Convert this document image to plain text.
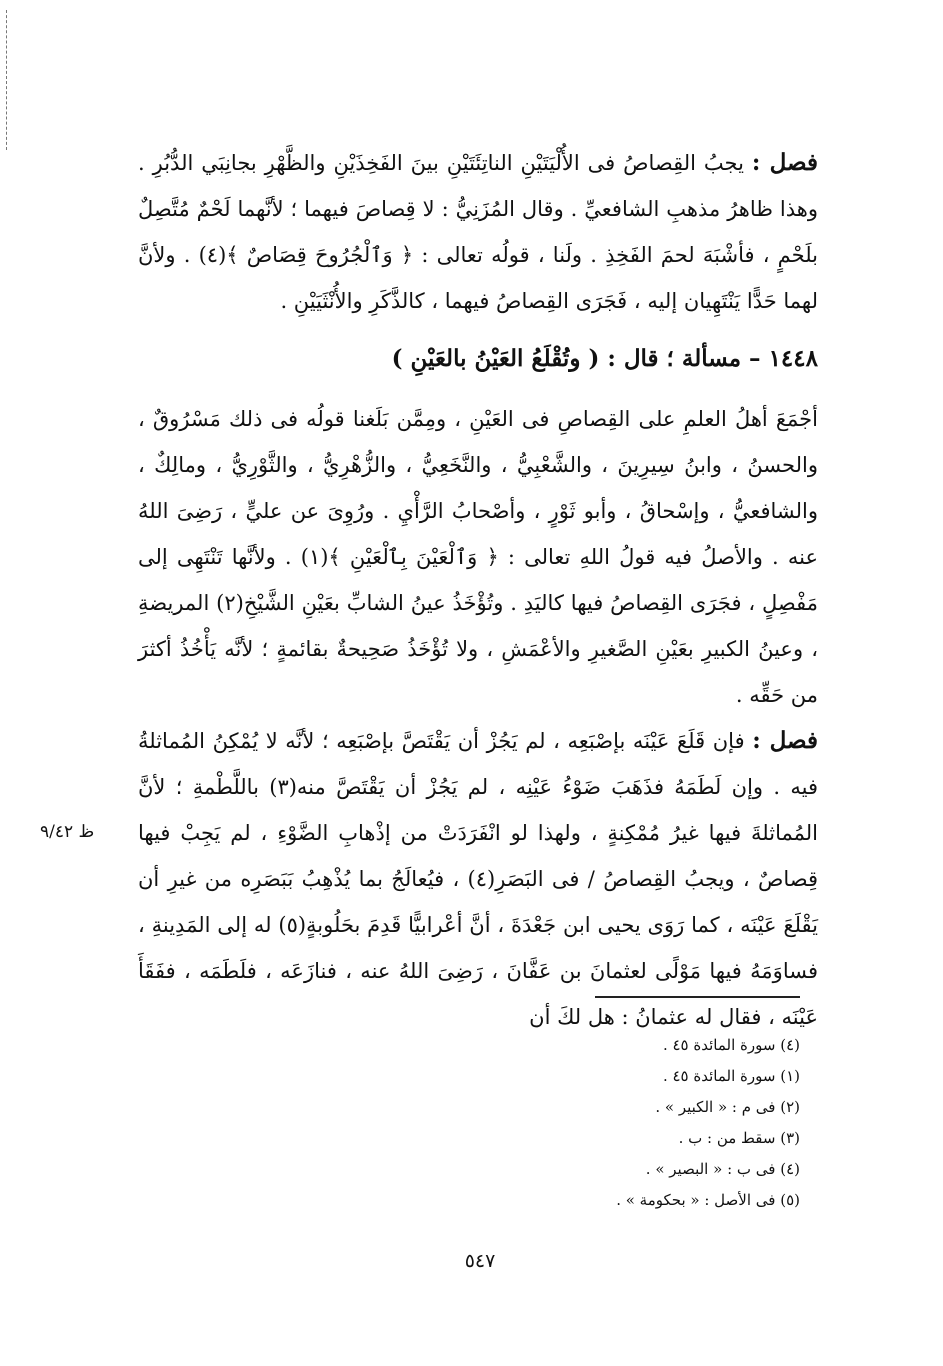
فصل : يجبُ القِصاصُ فى الأُلْيَتَيْنِ الناتِئَتَيْنِ بينَ الفَخِذَيْنِ والظَّهْرِ بجانِبَي الدُّبُرِ . وهذا ظاهرُ مذهبِ الشافعيِّ . وقال المُزَنِيُّ : لا قِصاصَ فيهما ؛ لأنَّهما لَحْمٌ مُتَّصِلٌ بلَحْمٍ ، فأشْبَهَ لحمَ الفَخِذِ . ولَنا ، قولُه تعالى : ﴿ وَٱلْجُرُوحَ قِصَاصٌ ﴾(٤) . ولأنَّ لهما حَدًّا يَنْتَهِيان إليه ، فَجَرَى القِصاصُ فيهما ، كالذَّكَرِ والأُنْثَيَيْنِ .

١٤٤٨ – مسألة ؛ قال : ( وتُقْلَعُ العَيْنُ بالعَيْنِ )

أجْمَعَ أهلُ العلمِ على القِصاصِ فى العَيْنِ ، ومِمَّن بَلَغنا قولُه فى ذلك مَسْرُوقٌ ، والحسنُ ، وابنُ سِيرِينَ ، والشَّعْبِيُّ ، والنَّخَعِيُّ ، والزُّهْرِيُّ ، والثَّوْرِيُّ ، ومالِكٌ ، والشافعيُّ ، وإسْحاقُ ، وأبو ثَوْرٍ ، وأصْحابُ الرَّأْيِ . ورُوِىَ عن عليٍّ ، رَضِىَ اللهُ عنه . والأصلُ فيه قولُ اللهِ تعالى : ﴿ وَٱلْعَيْنَ بِٱلْعَيْنِ ﴾(١) . ولأنَّها تَنْتَهِى إلى مَفْصِلٍ ، فجَرَى القِصاصُ فيها كاليَدِ . وتُؤْخَذُ عينُ الشابِّ بعَيْنِ الشَّيْخِ(٢) المريضةِ ، وعينُ الكبيرِ بعَيْنِ الصَّغيرِ والأعْمَشِ ، ولا تُؤْخَذُ صَحِيحةٌ بقائمةٍ ؛ لأنَّه يَأْخُذُ أكثرَ من حَقِّه .

فصل : فإن قَلَعَ عَيْنَه بإصْبَعِه ، لم يَجُزْ أن يَقْتَصَّ بإصْبَعِه ؛ لأنَّه لا يُمْكِنُ المُماثلةُ فيه . وإن لَطَمَهُ فذَهَبَ ضَوْءُ عَيْنِه ، لم يَجُزْ أن يَقْتَصَّ منه(٣) باللَّطْمةِ ؛ لأنَّ المُماثلةَ فيها غيرُ مُمْكِنةٍ ، ولهذا لو انْفَرَدَتْ من إذْهابِ الضَّوْءِ ، لم يَجِبْ فيها قِصاصٌ ، ويجبُ القِصاصُ / فى البَصَرِ(٤) ، فيُعالَجُ بما يُذْهِبُ بَبَصَرِه من غيرِ أن يَقْلَعَ عَيْنَه ، كما رَوَى يحيى ابن جَعْدَةَ ، أنَّ أعْرابيًّا قَدِمَ بحَلُوبةٍ(٥) له إلى المَدِينةِ ، فساوَمَهُ فيها مَوْلًى لعثمانَ بن عَفَّانَ ، رَضِىَ اللهُ عنه ، فنازَعَه ، فلَطَمَه ، ففَقَأَ عَيْنَه ، فقال له عثمانُ : هل لكَ أن

ظ ٩/٤٢
(٤) سورة المائدة ٤٥ .
(١) سورة المائدة ٤٥ .
(٢) فى م : « الكبير » .
(٣) سقط من : ب .
(٤) فى ب : « البصير » .
(٥) فى الأصل : « بحكومة » .
٥٤٧
